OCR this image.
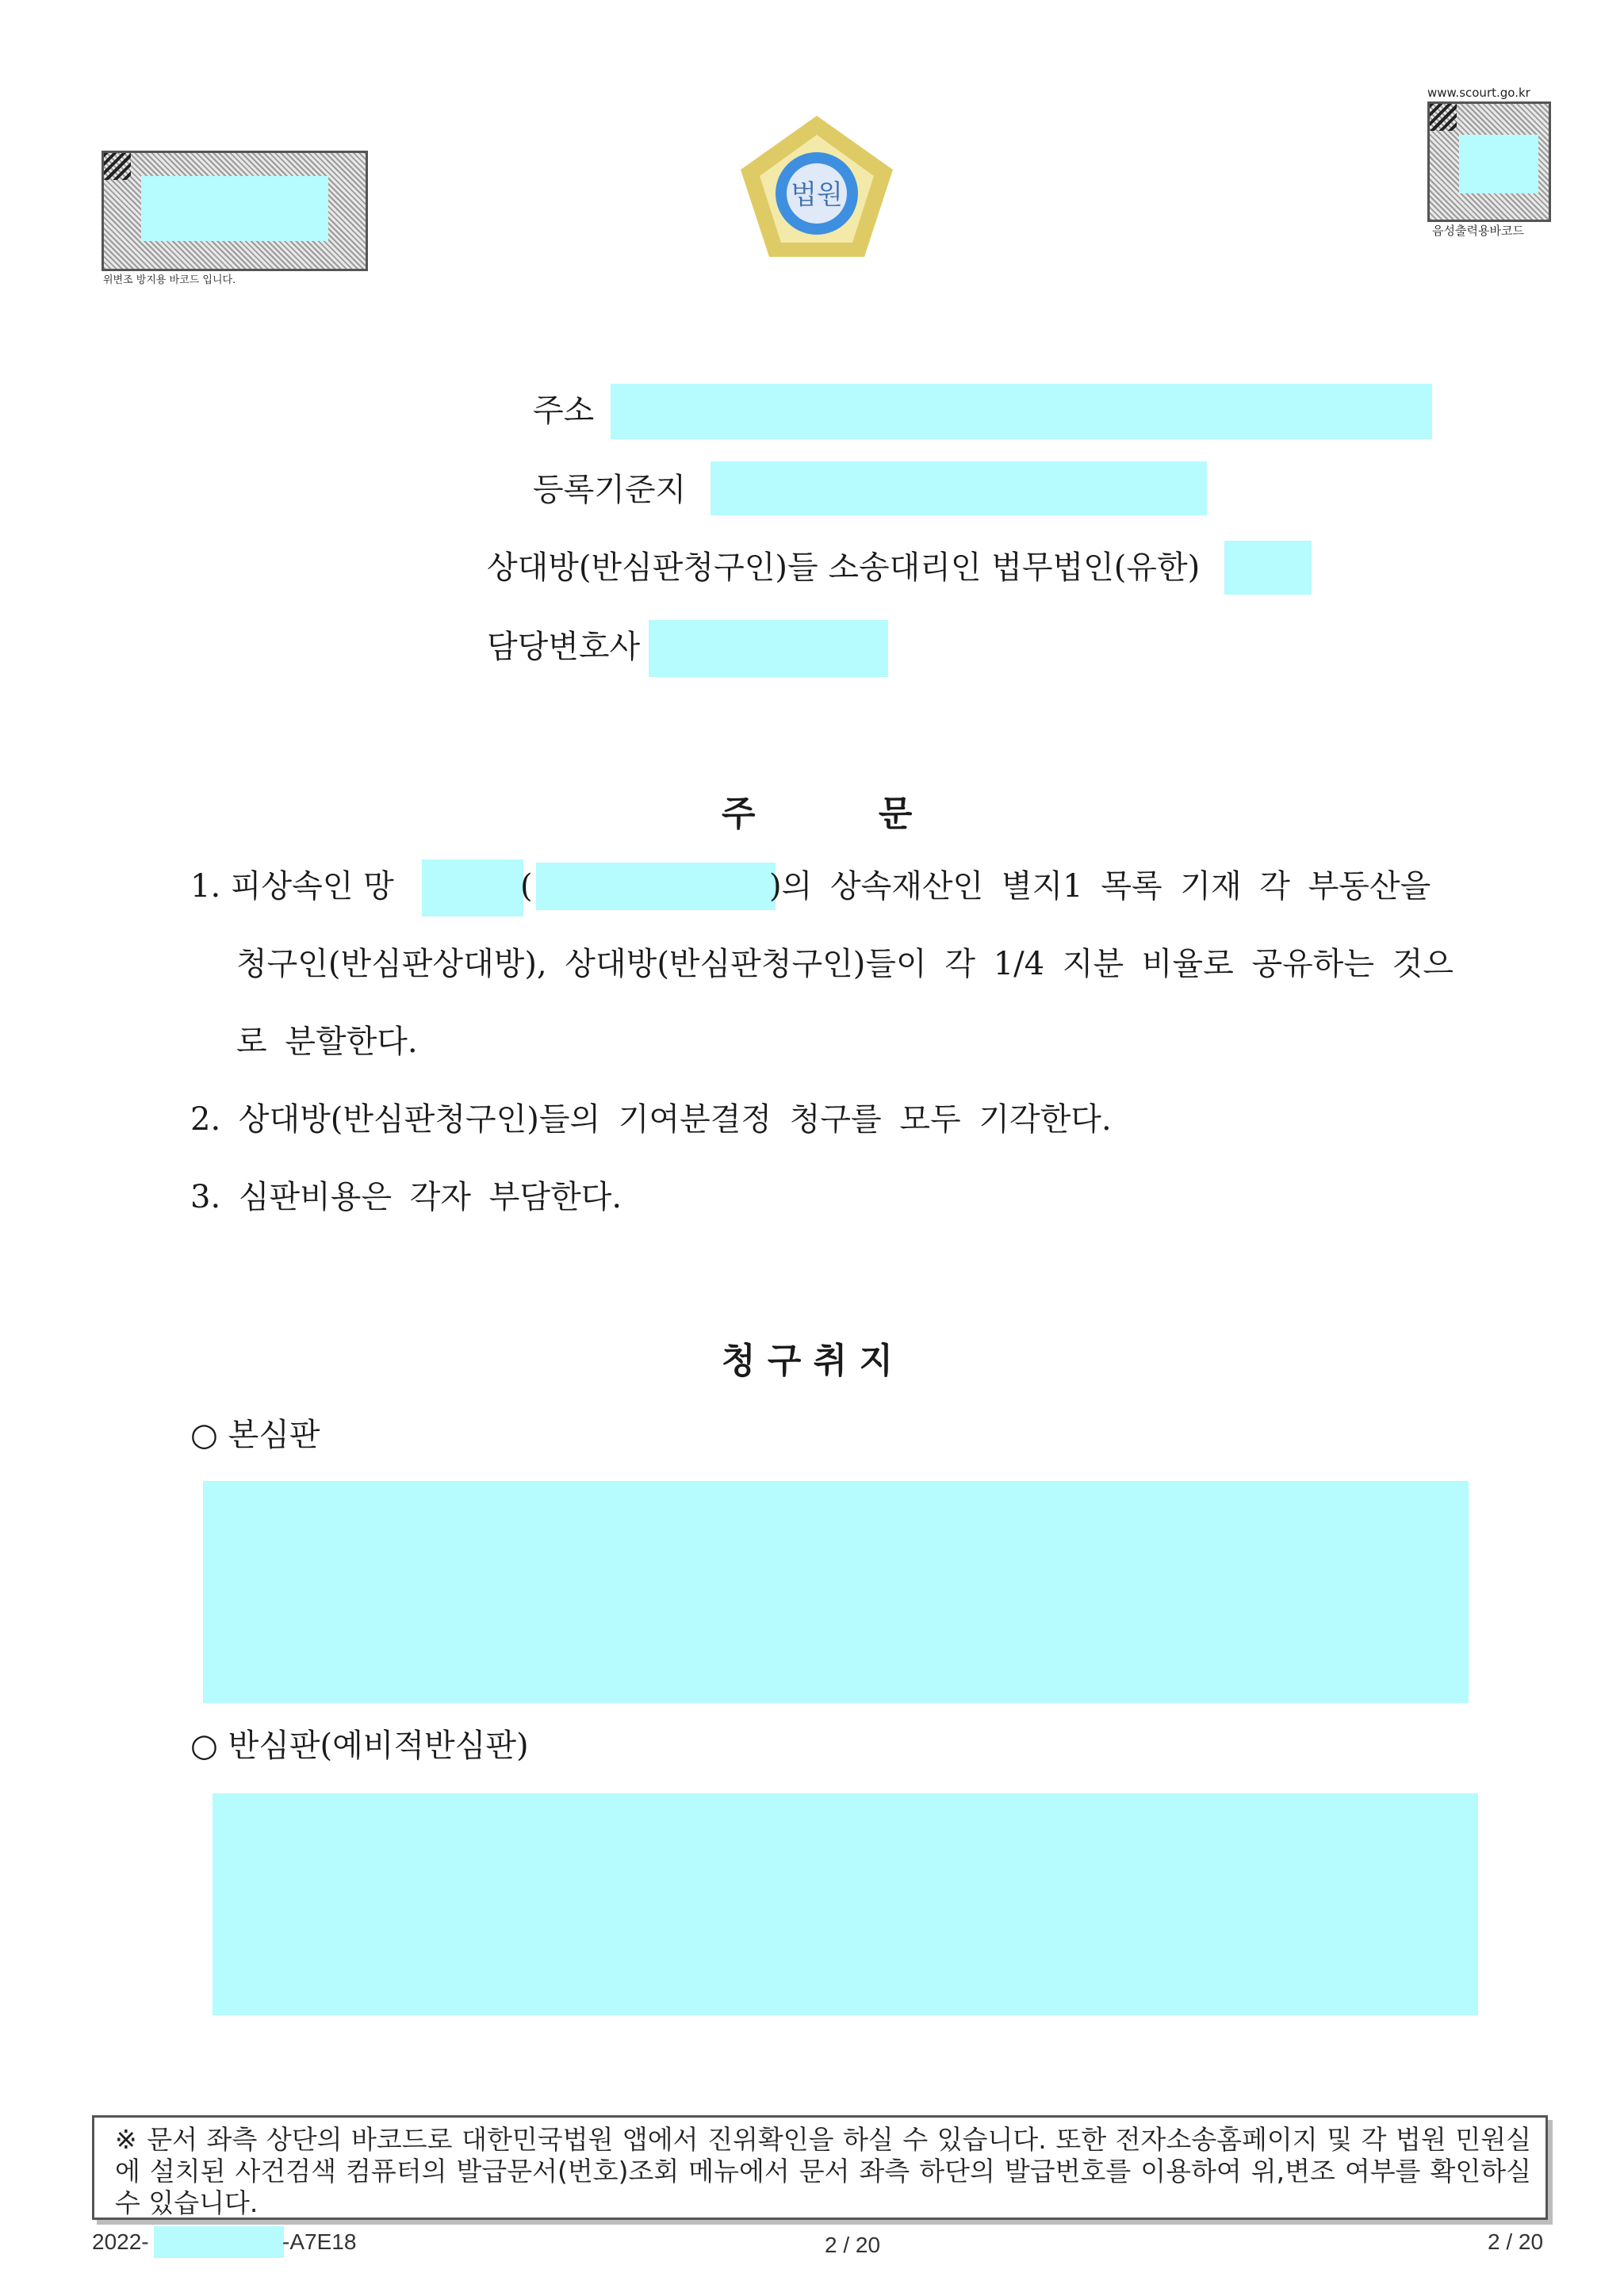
위변조 방지용 바코드 입니다.
법원
www.scourt.go.kr
음성출력용바코드
주소
등록기준지
상대방(반심판청구인)들 소송대리인 법무법인(유한)
담당변호사
주 문
1. 피상속인 망	(	)의 상속재산인 별지1 목록 기재 각 부동산을
청구인(반심판상대방), 상대방(반심판청구인)들이 각 1/4 지분 비율로 공유하는 것으
로 분할한다.
2. 상대방(반심판청구인)들의 기여분결정 청구를 모두 기각한다.
3. 심판비용은 각자 부담한다.
청 구 취 지
○ 본심판
○ 반심판(예비적반심판)

※ 문서 좌측 상단의 바코드로 대한민국법원 앱에서 진위확인을 하실 수 있습니다. 또한 전자소송홈페이지 및 각 법원 민원실에 설치된 사건검색 컴퓨터의 발급문서(번호)조회 메뉴에서 문서 좌측 하단의 발급번호를 이용하여 위,변조 여부를 확인하실 수 있습니다.

2022-	-A7E18	2 / 20	2 / 20
